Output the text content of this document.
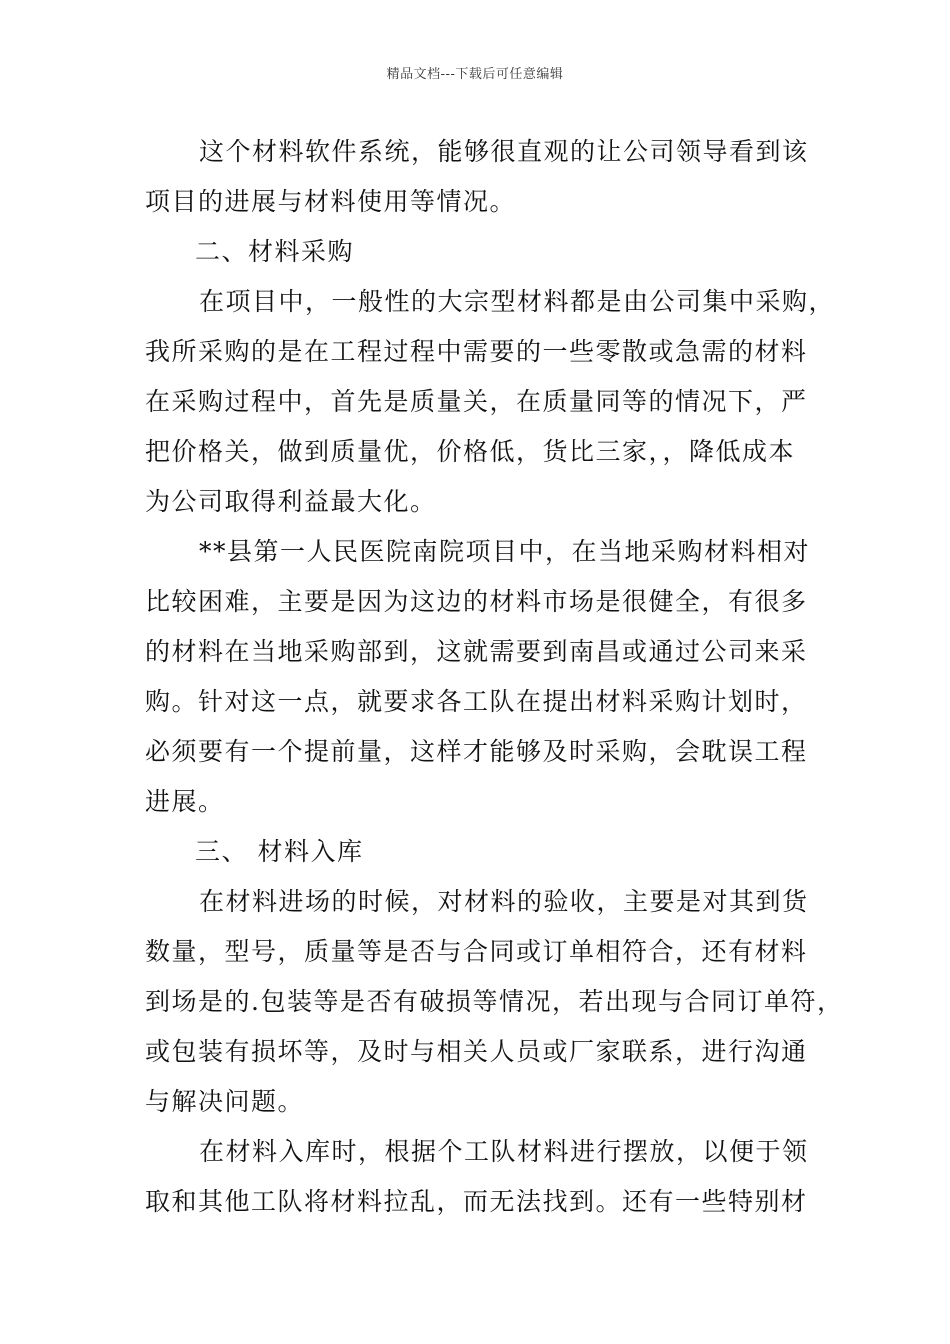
精品文档---下载后可任意编辑
这个材料软件系统，能够很直观的让公司领导看到该
项目的进展与材料使用等情况。
二、材料采购
在项目中，一般性的大宗型材料都是由公司集中采购，
我所采购的是在工程过程中需要的一些零散或急需的材料
在采购过程中，首先是质量关，在质量同等的情况下，严
把价格关，做到质量优，价格低，货比三家，，降低成本
为公司取得利益最大化。
**县第一人民医院南院项目中，在当地采购材料相对
比较困难，主要是因为这边的材料市场是很健全，有很多
的材料在当地采购部到，这就需要到南昌或通过公司来采
购。针对这一点，就要求各工队在提出材料采购计划时，
必须要有一个提前量，这样才能够及时采购，会耽误工程
进展。
三、 材料入库
在材料进场的时候，对材料的验收，主要是对其到货
数量，型号，质量等是否与合同或订单相符合，还有材料
到场是的.包装等是否有破损等情况，若出现与合同订单符，
或包装有损坏等，及时与相关人员或厂家联系，进行沟通
与解决问题。
在材料入库时，根据个工队材料进行摆放，以便于领
取和其他工队将材料拉乱，而无法找到。还有一些特别材
